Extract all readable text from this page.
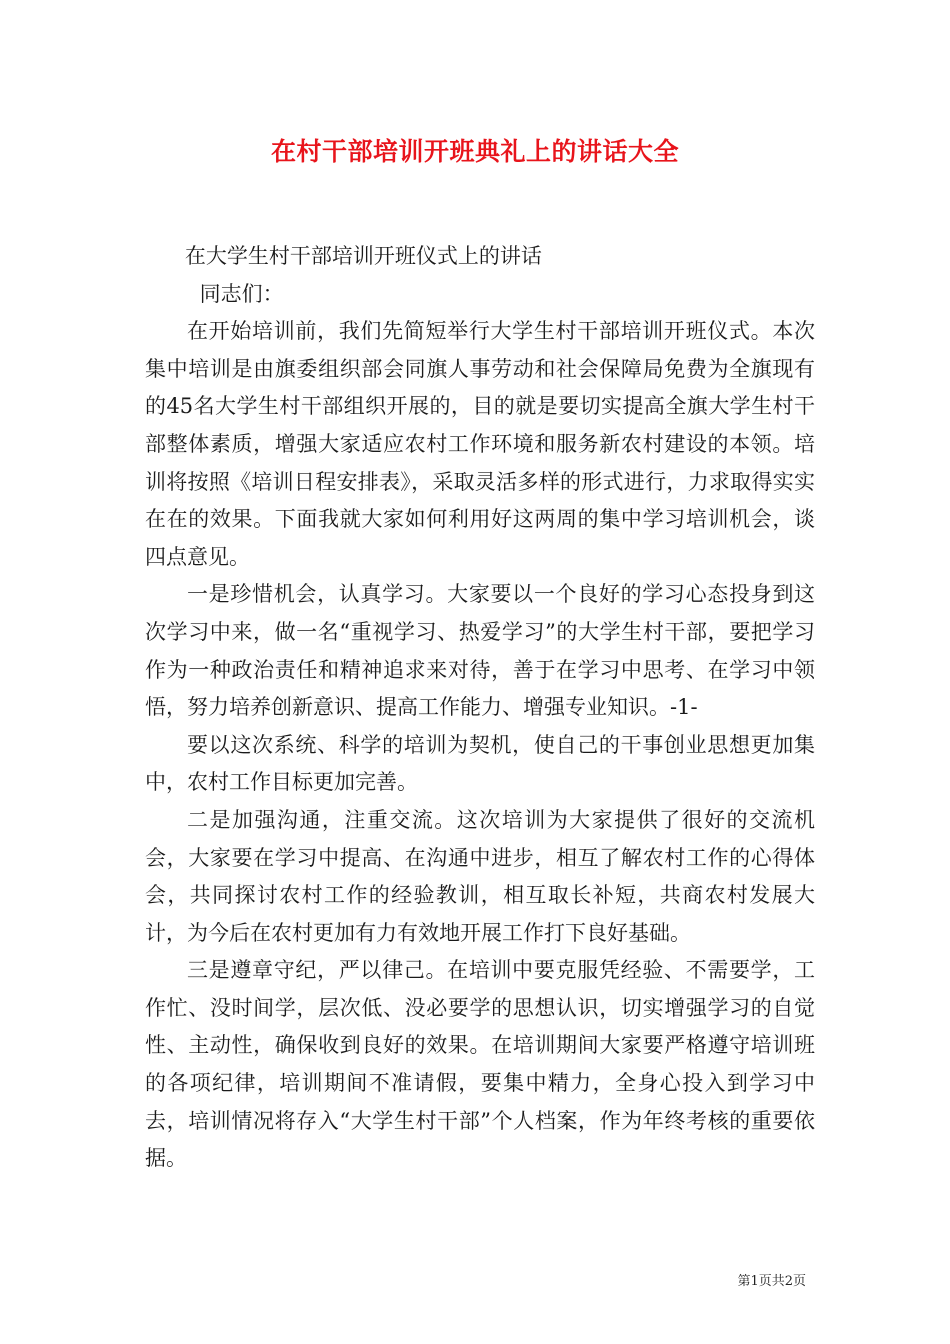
在村干部培训开班典礼上的讲话大全

在大学生村干部培训开班仪式上的讲话

同志们：

在开始培训前，我们先简短举行大学生村干部培训开班仪式。本次集中培训是由旗委组织部会同旗人事劳动和社会保障局免费为全旗现有的45名大学生村干部组织开展的，目的就是要切实提高全旗大学生村干部整体素质，增强大家适应农村工作环境和服务新农村建设的本领。培训将按照《培训日程安排表》，采取灵活多样的形式进行，力求取得实实在在的效果。下面我就大家如何利用好这两周的集中学习培训机会，谈四点意见。

一是珍惜机会，认真学习。大家要以一个良好的学习心态投身到这次学习中来，做一名“重视学习、热爱学习”的大学生村干部，要把学习作为一种政治责任和精神追求来对待，善于在学习中思考、在学习中领悟，努力培养创新意识、提高工作能力、增强专业知识。-1-

要以这次系统、科学的培训为契机，使自己的干事创业思想更加集中，农村工作目标更加完善。

二是加强沟通，注重交流。这次培训为大家提供了很好的交流机会，大家要在学习中提高、在沟通中进步，相互了解农村工作的心得体会，共同探讨农村工作的经验教训，相互取长补短，共商农村发展大计，为今后在农村更加有力有效地开展工作打下良好基础。

三是遵章守纪，严以律己。在培训中要克服凭经验、不需要学，工作忙、没时间学，层次低、没必要学的思想认识，切实增强学习的自觉性、主动性，确保收到良好的效果。在培训期间大家要严格遵守培训班的各项纪律，培训期间不准请假，要集中精力，全身心投入到学习中去，培训情况将存入“大学生村干部”个人档案，作为年终考核的重要依据。

第1页共2页
